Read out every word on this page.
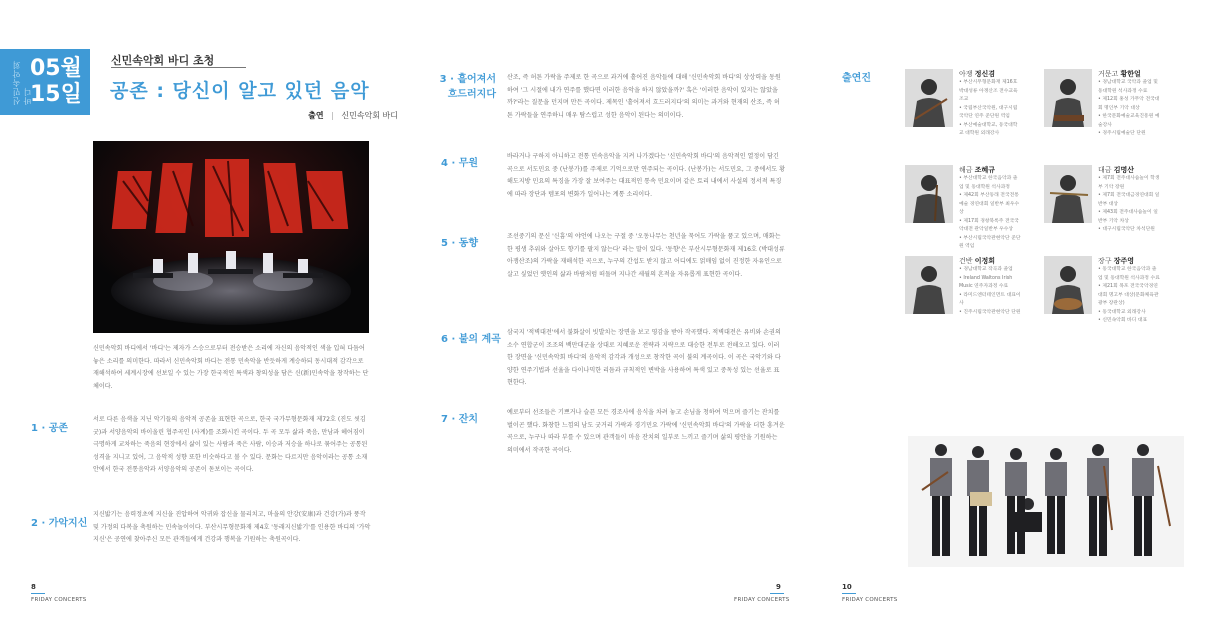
신민속악회 바디
05월
15일
신민속악회 바디 초청
공존 : 당신이 알고 있던 음악
출연 | 신민속악회 바디
신민속악회 바디에서 '바디'는 제자가 스승으로부터 전승받은 소리에 자신의 음악적인 색을 입혀 다듬어 놓은 소리를 의미한다. 따라서 신민속악회 바디는 전통 민속악을 반듯하게 계승하되 동시대적 감각으로 재해석하여 세계시장에 선보일 수 있는 가장 한국적인 특색과 창의성을 담은 신(新)민속악을 창작하는 단체이다.
1 · 공존
서로 다른 음색을 지닌 악기들의 음악적 공존을 표현한 곡으로, 한국 국가무형문화재 제72호 (진도 씻김굿)과 서양음악의 바이올린 협주곡인 (사계)를 조화시킨 곡이다. 두 곡 모두 삶과 죽음, 만남과 헤어짐이 극명하게 교차하는 죽음의 현장에서 삶이 있는 사람과 죽은 사람, 이승과 저승을 하나로 묶어주는 공통된 성격을 지니고 있어, 그 음악적 성향 또한 비슷하다고 볼 수 있다. 문화는 다르지만 음악이라는 공통 소재 안에서 한국 전통음악과 서양음악의 공존이 돋보이는 곡이다.
2 · 가악지신
지신밟기는 음력정초에 지신을 진압하여 악귀와 잡신을 물리치고, 마을의 안강(安康)과 건강(가)과 풍작 및 가정의 다복을 축원하는 민속놀이이다. 부산시무형문화재 제4호 '동래지신밟기'를 인용한 바디의 '가악지신'은 공연에 찾아주신 모든 관객들에게 건강과 행복을 기원하는 축원곡이다.
3 · 흩어져서
흐드러지다
산조, 즉 허튼 가락을 주제로 한 곡으로 과거에 흩어진 음악들에 대해 '신민속악회 바디'의 상상력을 동원하여 '그 시절에 내가 연주를 했다면 이러한 음악을 하지 않았을까?' 혹은 '이러한 음악이 있지는 않았을까?'라는 질문을 던지며 만든 곡이다. 제목인 '흩어져서 흐드러지다'의 의미는 과거와 현재의 산조, 즉 허튼 가락들을 연주하니 매우 탐스럽고 성한 음악이 된다는 의미이다.
4 · 무원
바라거나 구하지 아니하고 전통 민속음악을 지켜 나가겠다는 '신민속악회 바디'의 음악적인 열정이 담긴 곡으로 서도민요 중 (난봉가)를 주제로 기억으로만 연주되는 곡이다. (난봉가)는 서도민요, 그 중에서도 황해도지방 민요의 특징을 가장 잘 보여주는 대표적인 통속 민요이며 같은 토리 내에서 사설의 정서적 특징에 따라 장단과 템포의 변화가 일어나는 계통 소리이다.
5 · 동향
조선중기의 문신 '신흠'의 야언에 나오는 구절 중 '오동나무는 천년을 묵어도 가락을 품고 있으며, 매화는 한 평생 추위와 살아도 향기를 팔지 않는다' 라는 말이 있다. '동향'은 부산시무형문화재 제16호 (박대성류아쟁산조)의 가락을 재해석한 곡으로, 누구의 간섭도 받지 않고 어디에도 얽매임 없이 진정한 자유인으로 살고 싶었던 옛인의 삶과 바람처럼 떠돌며 지나간 세월의 흔적을 자유롭게 표현한 곡이다.
6 · 불의 계곡
삼국지 '적벽대전'에서 불화살이 빗발치는 장면을 보고 영감을 받아 작곡했다. 적벽대전은 유비와 손권의 소수 연합군이 조조의 백만대군을 상대로 지혜로운 전략과 지략으로 대승한 전투로 전해오고 있다. 이러한 장면을 '신민속악회 바디'의 음악적 감각과 개성으로 창작한 곡이 불의 계곡이다. 이 곡은 국악기와 다양한 연주기법과 선율을 다이나믹한 리듬과 규칙적인 변박을 사용하여 특색 있고 중독성 있는 선율로 표현한다.
7 · 잔치
예로부터 선조들은 기쁘거나 슬픈 모든 경조사에 음식을 차려 놓고 손님을 청하여 먹으며 즐기는 잔치를 벌이곤 했다. 화창한 느낌의 남도 굿거리 가락과 경기민요 가락에 '신민속악회 바디'의 가락을 더한 흥겨운 곡으로, 누구나 따라 부를 수 있으며 관객들이 마음 잔치의 일부로 느끼고 즐기며 삶의 평안을 기원하는 의미에서 작곡한 곡이다.
출연진	아쟁 정신겸
• 부산시무형문화재 제16호 박대성류 아쟁산조 전수교육조교
• 국립부산국악원, 대구시립국악단 연주 준단원 역임
• 부산예술대학교, 동국대학교 대학원 외래강사
거문고 황한얼
• 경남대학교 국악과 졸업 및 동대학원 석사과정 수료
• 제12회 홍성 가무악 전국대회 명인부 기악 대상
• 한국문화예술교육진흥원 예술강사
• 경주시립예술단 단원
해금 조혜규
• 부산대학교 한국음악과 졸업 및 동대학원 석사과정
• 제42회 부산동래 전국전통예술 경연대회 일반부 최우수상
• 제17회 경창북록주 전국국악대전 관악일반부 우수상
• 부산시립국악관현악단 준단원 역임
대금 김명산
• 제7회 전주대사습놀이 학생부 기악 장원
• 제7회 전국대금경연대회 일반부 대상
• 제43회 전주대사습놀이 일반부 기악 차상
• 대구시립국악단 차석단원
건반 이정희
• 경남대학교 작곡과 졸업
• Ireland Waltons Irish Music 연주자과정 수료
• 라미드엔터테인먼트 대표이사
• 진주시립국악관현악단 단원
장구 장주영
• 동국대학교 한국음악과 졸업 및 동대학원 석사과정 수료
• 제21회 목포 전국국악경연대회 명고부 대상(문화체육관광부 장관상)
• 동국대학교 외래강사
• 신민속악회 바디 대표
8
FRIDAY CONCERTS
9
FRIDAY CONCERTS
10
FRIDAY CONCERTS
